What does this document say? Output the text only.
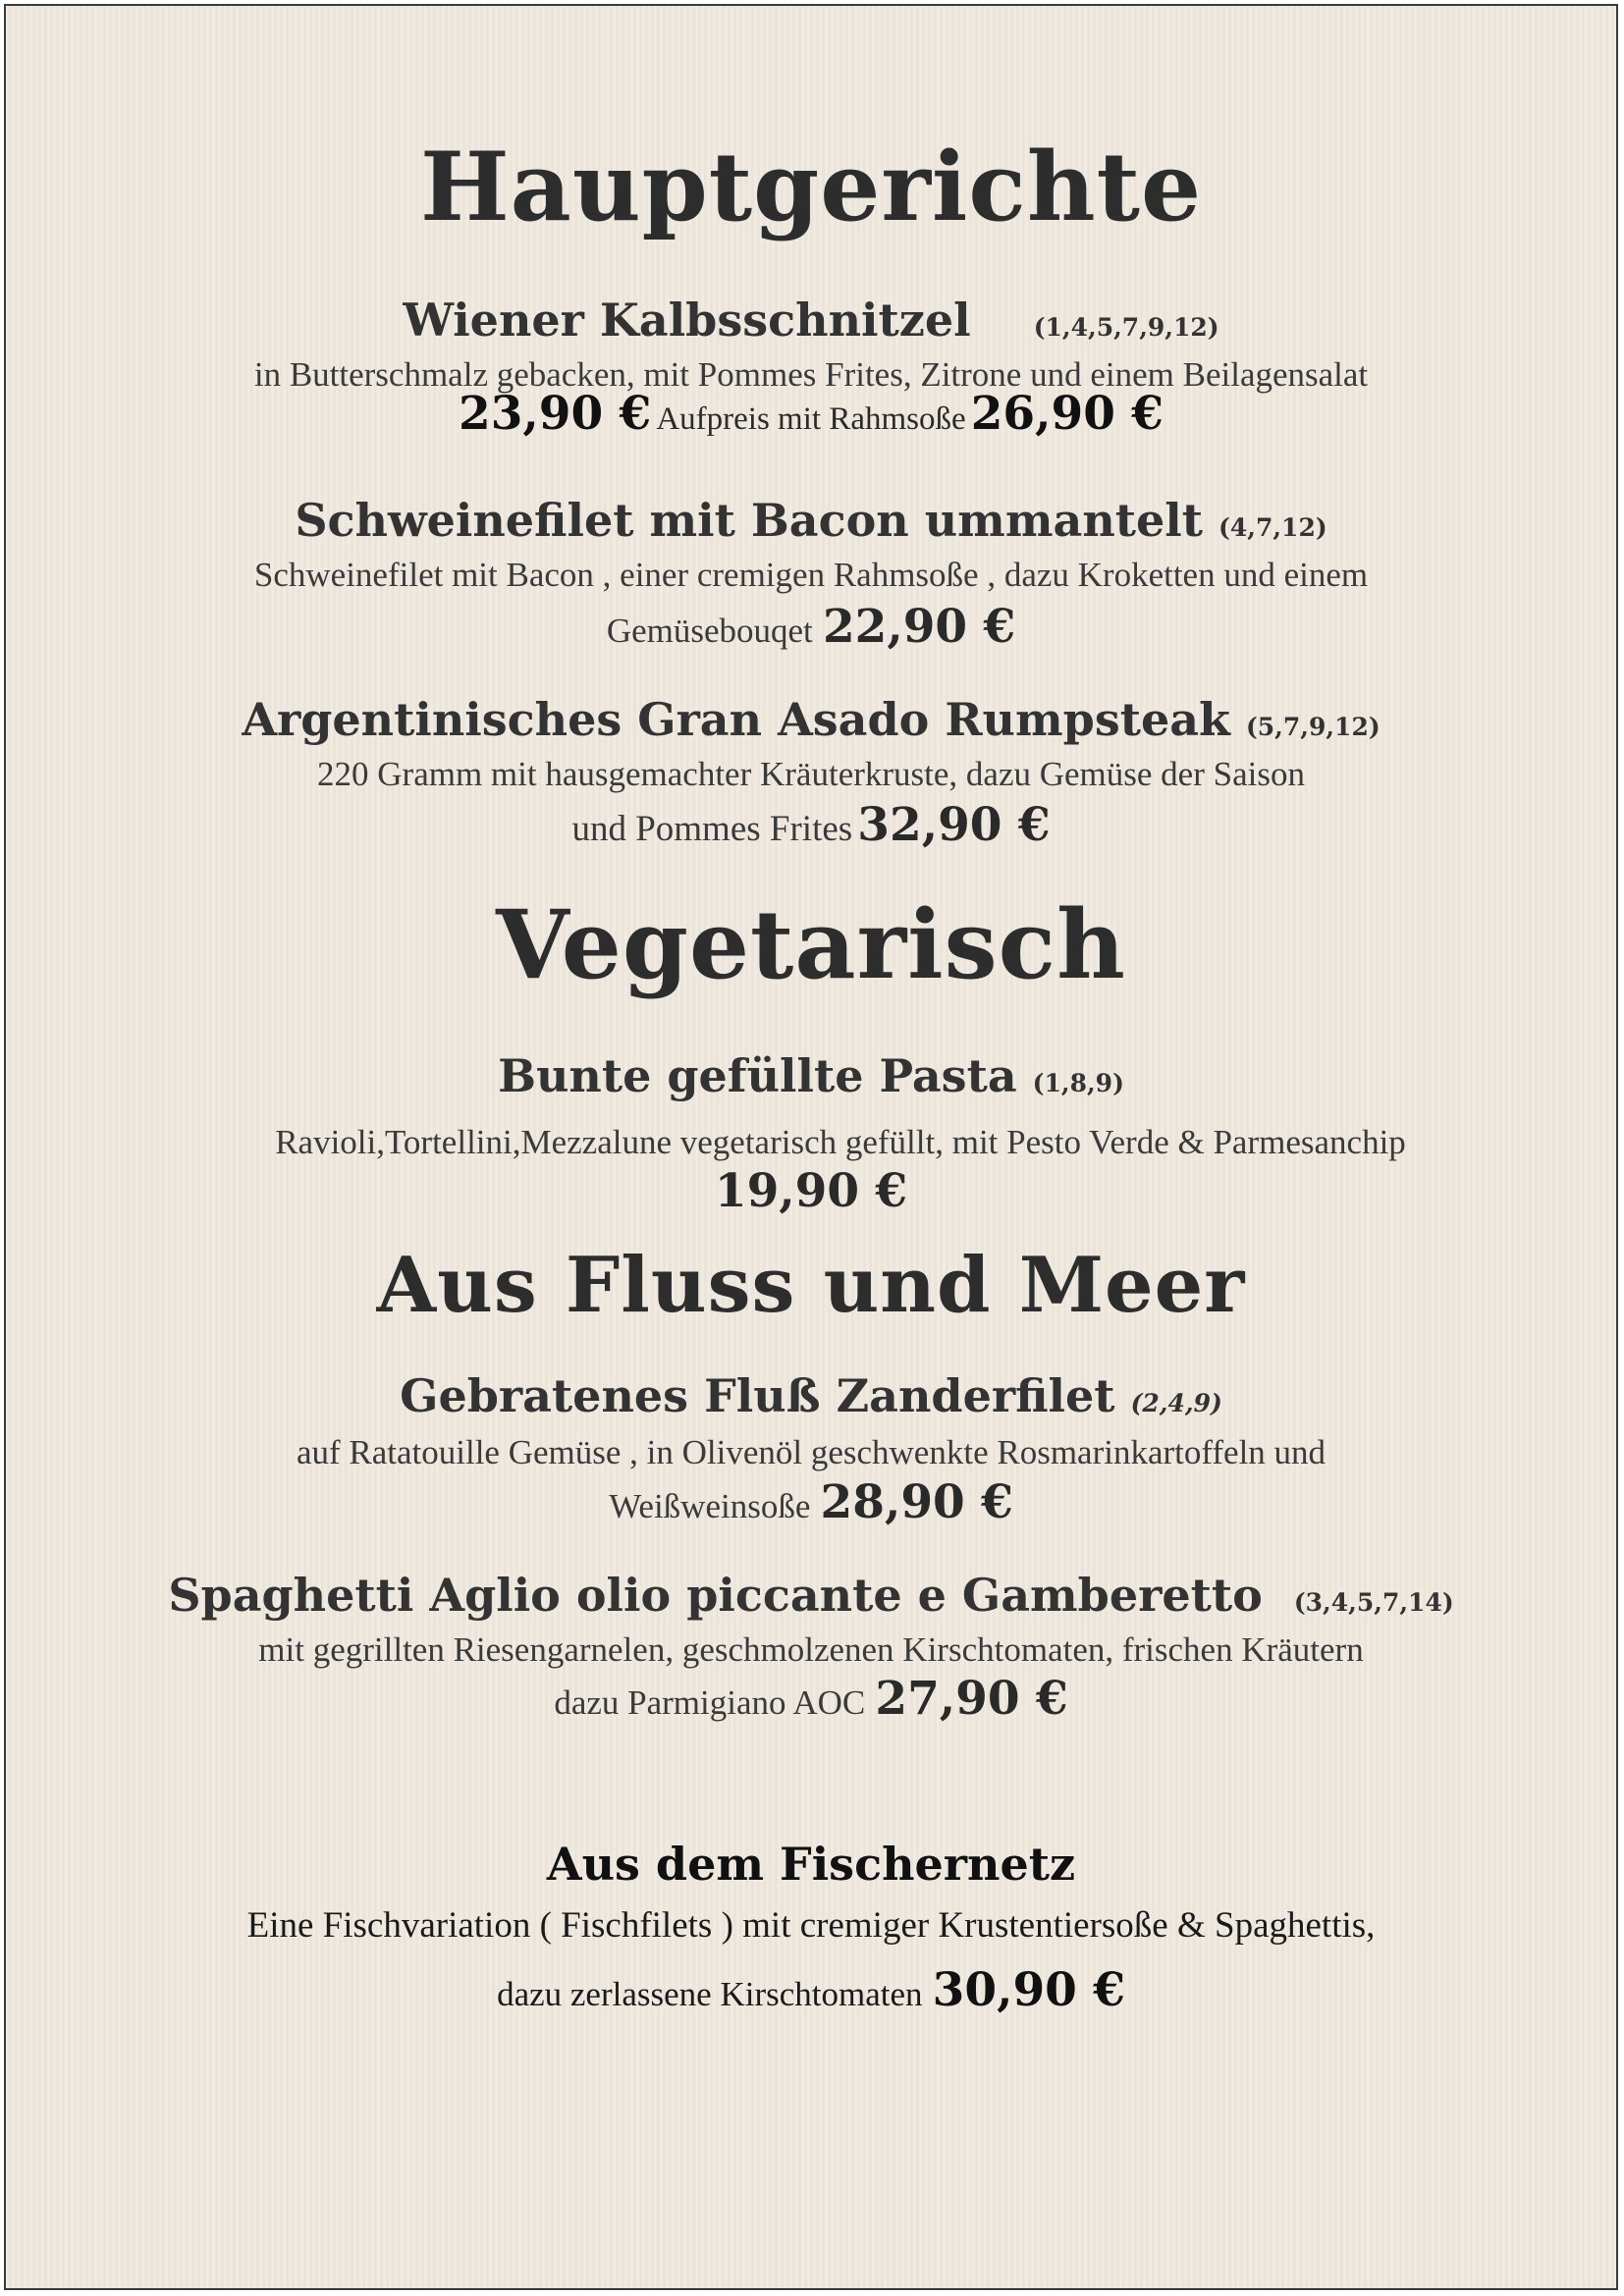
Hauptgerichte
Wiener Kalbsschnitzel	(1,4,5,7,9,12)
in Butterschmalz gebacken, mit Pommes Frites, Zitrone und einem Beilagensalat
23,90 € Aufpreis mit Rahmsoße 26,90 €
Schweinefilet mit Bacon ummantelt (4,7,12)
Schweinefilet mit Bacon , einer cremigen Rahmsoße , dazu Kroketten und einem
Gemüsebouqet 22,90 €
Argentinisches Gran Asado Rumpsteak (5,7,9,12)
220 Gramm mit hausgemachter Kräuterkruste, dazu Gemüse der Saison
und Pommes Frites 32,90 €
Vegetarisch
Bunte gefüllte Pasta (1,8,9)
Ravioli,Tortellini,Mezzalune vegetarisch gefüllt, mit Pesto Verde & Parmesanchip
19,90 €
Aus Fluss und Meer
Gebratenes Fluß Zanderfilet (2,4,9)
auf Ratatouille Gemüse , in Olivenöl geschwenkte Rosmarinkartoffeln und
Weißweinsoße 28,90 €
Spaghetti Aglio olio piccante e Gamberetto (3,4,5,7,14)
mit gegrillten Riesengarnelen, geschmolzenen Kirschtomaten, frischen Kräutern
dazu Parmigiano AOC 27,90 €
Aus dem Fischernetz
Eine Fischvariation ( Fischfilets ) mit cremiger Krustentiersoße & Spaghettis,
dazu zerlassene Kirschtomaten 30,90 €
